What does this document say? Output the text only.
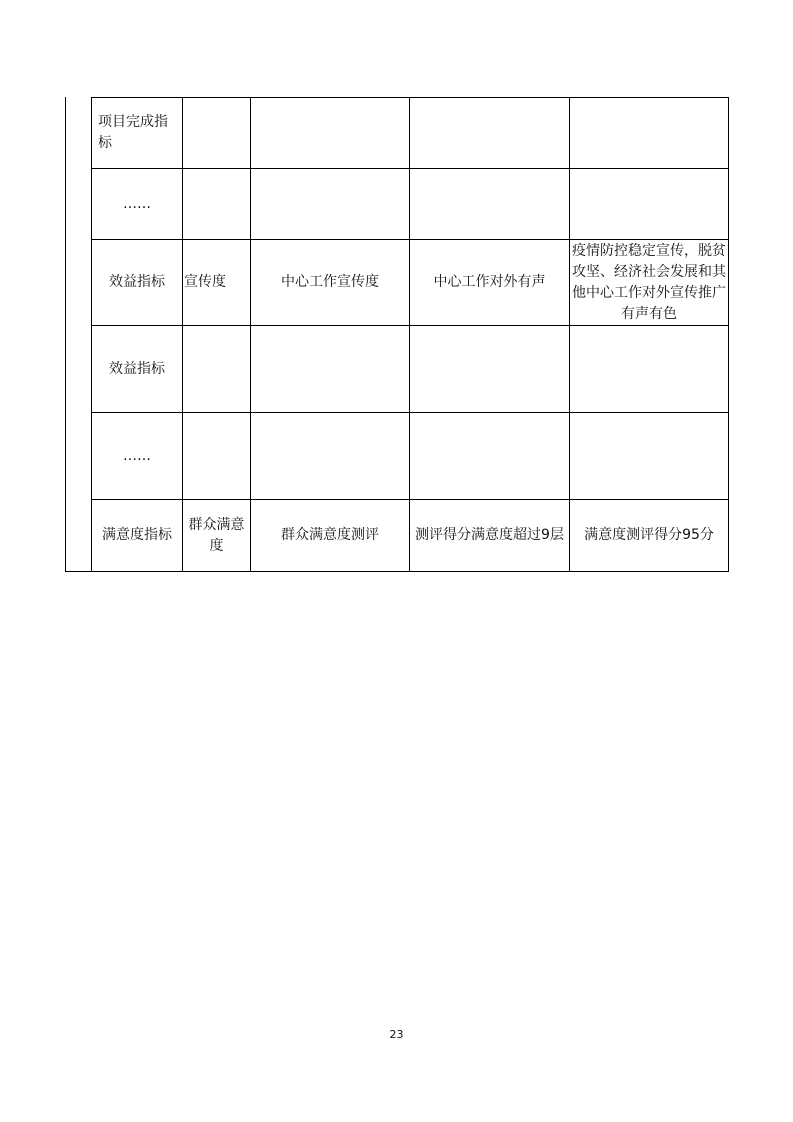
项目完成指标				
……				
效益指标	宣传度	中心工作宣传度	中心工作对外有声	疫情防控稳定宣传，脱贫攻坚、经济社会发展和其他中心工作对外宣传推广有声有色
效益指标				
……				
满意度指标	群众满意度	群众满意度测评	测评得分满意度超过9层	满意度测评得分95分
23
